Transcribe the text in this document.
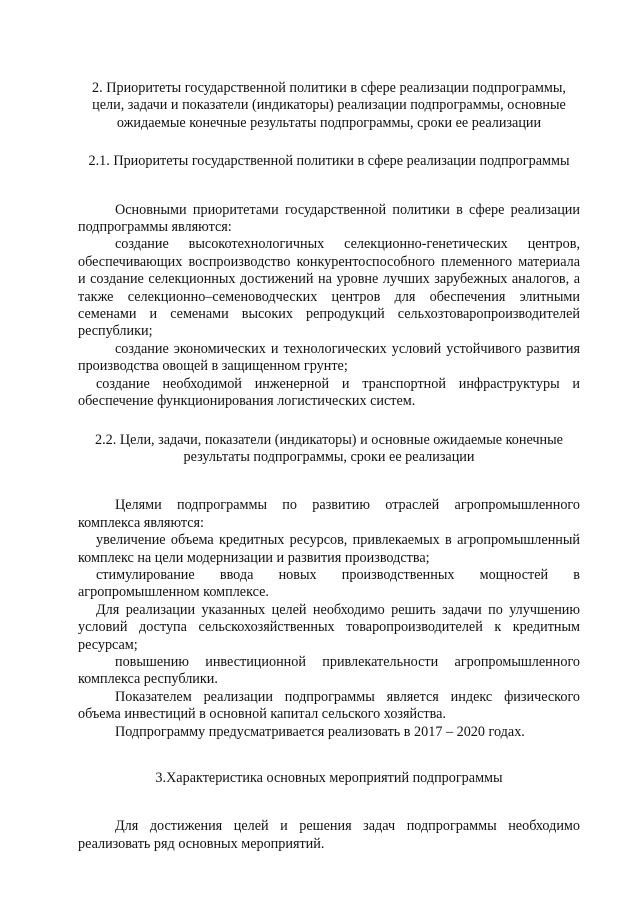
2. Приоритеты государственной политики в сфере реализации подпрограммы, цели, задачи и показатели (индикаторы) реализации подпрограммы, основные ожидаемые конечные результаты подпрограммы, сроки ее реализации

2.1. Приоритеты государственной политики в сфере реализации подпрограммы

Основными приоритетами государственной политики в сфере реализации подпрограммы являются:

создание высокотехнологичных селекционно-генетических центров, обеспечивающих воспроизводство конкурентоспособного племенного материала и создание селекционных достижений на уровне лучших зарубежных аналогов, а также селекционно–семеноводческих центров для обеспечения элитными семенами и семенами высоких репродукций сельхозтоваропроизводителей республики;

создание экономических и технологических условий устойчивого развития производства овощей в защищенном грунте;

создание необходимой инженерной и транспортной инфраструктуры и обеспечение функционирования логистических систем.

2.2. Цели, задачи, показатели (индикаторы) и основные ожидаемые конечные результаты подпрограммы, сроки ее реализации

Целями подпрограммы по развитию отраслей агропромышленного комплекса являются:

увеличение объема кредитных ресурсов, привлекаемых в агропромышленный комплекс на цели модернизации и развития производства;

стимулирование ввода новых производственных мощностей в агропромышленном комплексе.

Для реализации указанных целей необходимо решить задачи по улучшению условий доступа сельскохозяйственных товаропроизводителей к кредитным ресурсам;

повышению инвестиционной привлекательности агропромышленного комплекса республики.

Показателем реализации подпрограммы является индекс физического объема инвестиций в основной капитал сельского хозяйства.

Подпрограмму предусматривается реализовать в 2017 – 2020 годах.

3.Характеристика основных мероприятий подпрограммы

Для достижения целей и решения задач подпрограммы необходимо реализовать ряд основных мероприятий.
